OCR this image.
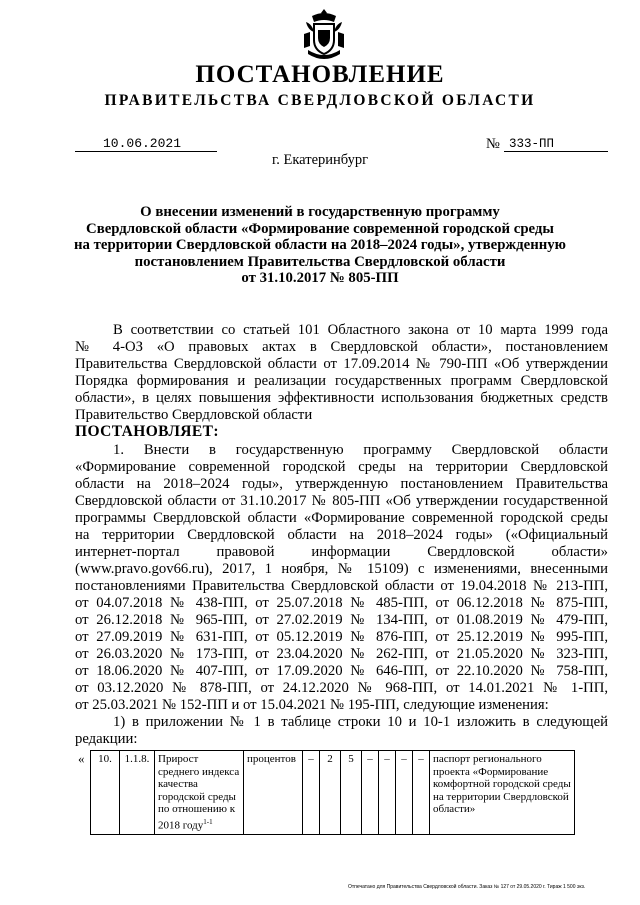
ПОСТАНОВЛЕНИЕ
ПРАВИТЕЛЬСТВА СВЕРДЛОВСКОЙ ОБЛАСТИ
10.06.2021	№ 333-ПП
г. Екатеринбург
О внесении изменений в государственную программу
Свердловской области «Формирование современной городской среды
на территории Свердловской области на 2018–2024 годы», утвержденную
постановлением Правительства Свердловской области
от 31.10.2017 № 805-ПП
В соответствии со статьей 101 Областного закона от 10 марта 1999 года
№ 4-ОЗ «О правовых актах в Свердловской области», постановлением
Правительства Свердловской области от 17.09.2014 № 790-ПП «Об утверждении
Порядка формирования и реализации государственных программ Свердловской
области», в целях повышения эффективности использования бюджетных средств
Правительство Свердловской области
ПОСТАНОВЛЯЕТ:
1. Внести в государственную программу Свердловской области
«Формирование современной городской среды на территории Свердловской
области на 2018–2024 годы», утвержденную постановлением Правительства
Свердловской области от 31.10.2017 № 805-ПП «Об утверждении государственной
программы Свердловской области «Формирование современной городской среды
на территории Свердловской области на 2018–2024 годы» («Официальный
интернет-портал правовой информации Свердловской области»
(www.pravo.gov66.ru), 2017, 1 ноября, № 15109) с изменениями, внесенными
постановлениями Правительства Свердловской области от 19.04.2018 № 213-ПП,
от 04.07.2018 № 438-ПП, от 25.07.2018 № 485-ПП, от 06.12.2018 № 875-ПП,
от 26.12.2018 № 965-ПП, от 27.02.2019 № 134-ПП, от 01.08.2019 № 479-ПП,
от 27.09.2019 № 631-ПП, от 05.12.2019 № 876-ПП, от 25.12.2019 № 995-ПП,
от 26.03.2020 № 173-ПП, от 23.04.2020 № 262-ПП, от 21.05.2020 № 323-ПП,
от 18.06.2020 № 407-ПП, от 17.09.2020 № 646-ПП, от 22.10.2020 № 758-ПП,
от 03.12.2020 № 878-ПП, от 24.12.2020 № 968-ПП, от 14.01.2021 № 1-ПП,
от 25.03.2021 № 152-ПП и от 15.04.2021 № 195-ПП, следующие изменения:
1) в приложении № 1 в таблице строки 10 и 10-1 изложить в следующей
редакции:
«	10.	1.1.8.	Прирост среднего индекса качества городской среды по отношению к 2018 году$^{1-1}$	процентов	–	2	5	–	–	–	–	паспорт регионального проекта «Формирование комфортной городской среды на территории Свердловской области»
Отпечатано для Правительства Свердловской области. Заказ № 127 от 29.05.2020 г. Тираж 1 500 экз.
